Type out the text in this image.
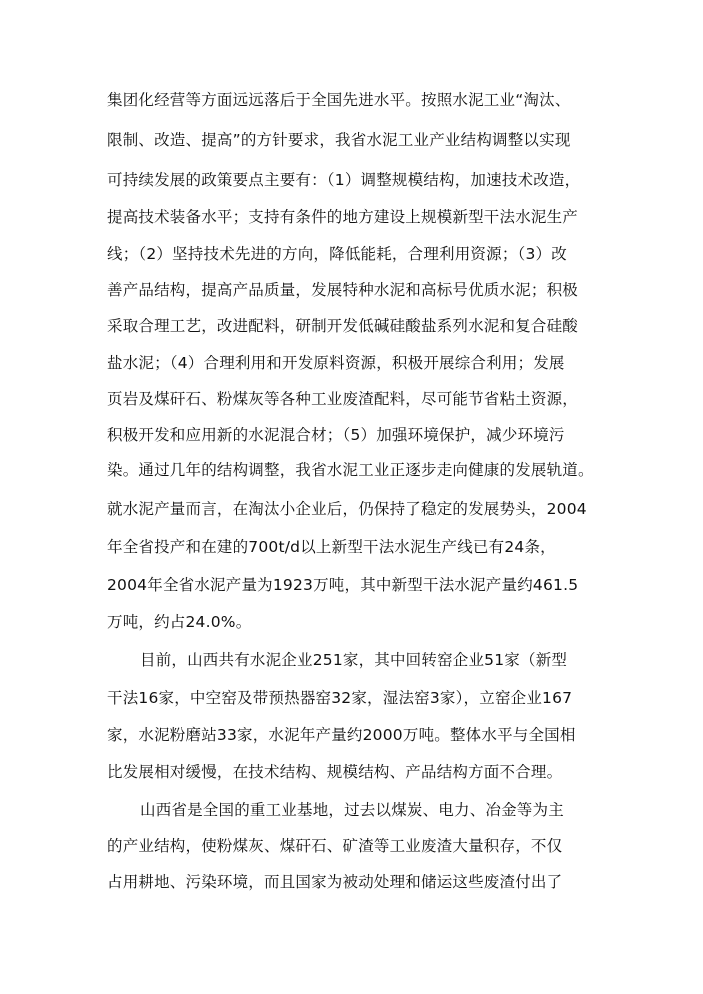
集团化经营等方面远远落后于全国先进水平。按照水泥工业“淘汰、
限制、改造、提高”的方针要求，我省水泥工业产业结构调整以实现
可持续发展的政策要点主要有：（1）调整规模结构，加速技术改造，
提高技术装备水平；支持有条件的地方建设上规模新型干法水泥生产
线；（2）坚持技术先进的方向，降低能耗，合理利用资源；（3）改
善产品结构，提高产品质量，发展特种水泥和高标号优质水泥；积极
采取合理工艺，改进配料，研制开发低碱硅酸盐系列水泥和复合硅酸
盐水泥；（4）合理利用和开发原料资源，积极开展综合利用；发展
页岩及煤矸石、粉煤灰等各种工业废渣配料，尽可能节省粘土资源，
积极开发和应用新的水泥混合材；（5）加强环境保护，减少环境污
染。通过几年的结构调整，我省水泥工业正逐步走向健康的发展轨道。
就水泥产量而言，在淘汰小企业后，仍保持了稳定的发展势头，2004
年全省投产和在建的700t/d以上新型干法水泥生产线已有24条，
2004年全省水泥产量为1923万吨，其中新型干法水泥产量约461.5
万吨，约占24.0%。
目前，山西共有水泥企业251家，其中回转窑企业51家（新型
干法16家，中空窑及带预热器窑32家，湿法窑3家），立窑企业167
家，水泥粉磨站33家，水泥年产量约2000万吨。整体水平与全国相
比发展相对缓慢，在技术结构、规模结构、产品结构方面不合理。
山西省是全国的重工业基地，过去以煤炭、电力、冶金等为主
的产业结构，使粉煤灰、煤矸石、矿渣等工业废渣大量积存，不仅
占用耕地、污染环境，而且国家为被动处理和储运这些废渣付出了
